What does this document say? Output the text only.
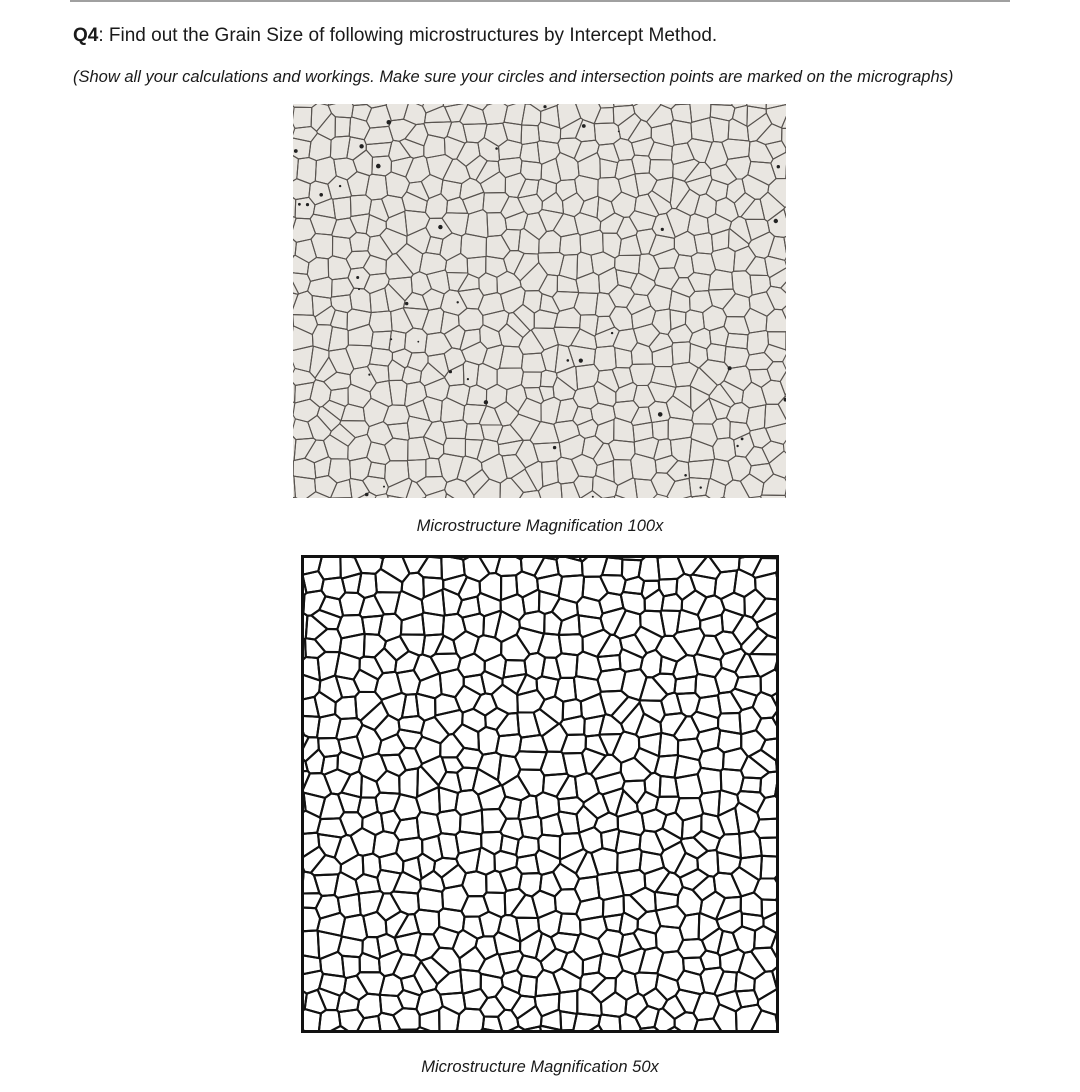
Q4: Find out the Grain Size of following microstructures by Intercept Method.
(Show all your calculations and workings. Make sure your circles and intersection points are marked on the micrographs)
Microstructure Magnification 100x
Microstructure Magnification 50x
